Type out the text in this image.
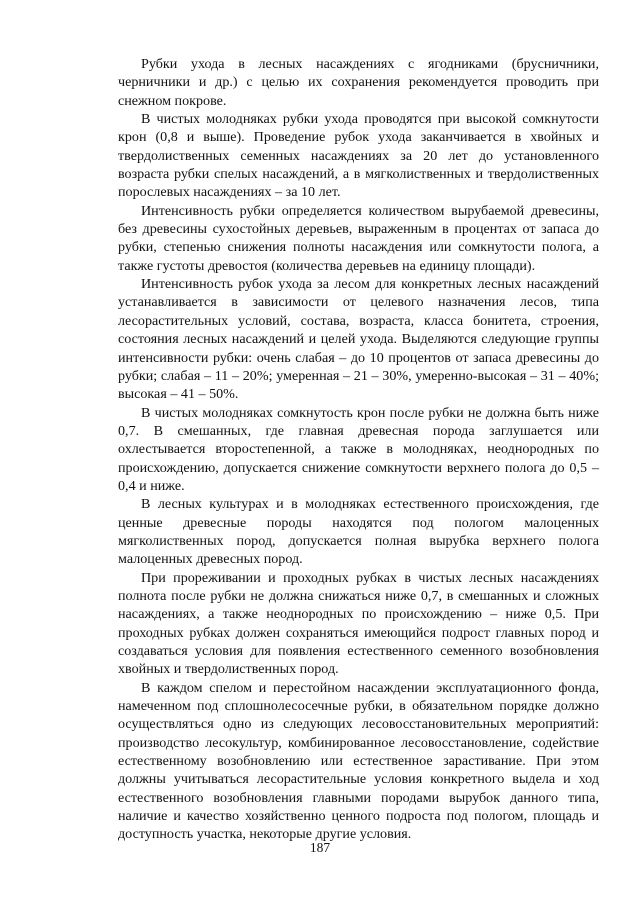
Рубки ухода в лесных насаждениях с ягодниками (брусничники, черничники и др.) с целью их сохранения рекомендуется проводить при снежном покрове.

В чистых молодняках рубки ухода проводятся при высокой сомкнутости крон (0,8 и выше). Проведение рубок ухода заканчивается в хвойных и твердолиственных семенных насаждениях за 20 лет до установленного возраста рубки спелых насаждений, а в мягколиственных и твердолиственных порослевых насаждениях – за 10 лет.

Интенсивность рубки определяется количеством вырубаемой древесины, без древесины сухостойных деревьев, выраженным в процентах от запаса до рубки, степенью снижения полноты насаждения или сомкнутости полога, а также густоты древостоя (количества деревьев на единицу площади).

Интенсивность рубок ухода за лесом для конкретных лесных насаждений устанавливается в зависимости от целевого назначения лесов, типа лесорастительных условий, состава, возраста, класса бонитета, строения, состояния лесных насаждений и целей ухода. Выделяются следующие группы интенсивности рубки: очень слабая – до 10 процентов от запаса древесины до рубки; слабая – 11 – 20%; умеренная – 21 – 30%, умеренно-высокая – 31 – 40%; высокая – 41 – 50%.

В чистых молодняках сомкнутость крон после рубки не должна быть ниже 0,7. В смешанных, где главная древесная порода заглушается или охлестывается второстепенной, а также в молодняках, неоднородных по происхождению, допускается снижение сомкнутости верхнего полога до 0,5 – 0,4 и ниже.

В лесных культурах и в молодняках естественного происхождения, где ценные древесные породы находятся под пологом малоценных мягколиственных пород, допускается полная вырубка верхнего полога малоценных древесных пород.

При прореживании и проходных рубках в чистых лесных насаждениях полнота после рубки не должна снижаться ниже 0,7, в смешанных и сложных насаждениях, а также неоднородных по происхождению – ниже 0,5. При проходных рубках должен сохраняться имеющийся подрост главных пород и создаваться условия для появления естественного семенного возобновления хвойных и твердолиственных пород.

В каждом спелом и перестойном насаждении эксплуатационного фонда, намеченном под сплошнолесосечные рубки, в обязательном порядке должно осуществляться одно из следующих лесовосстановительных мероприятий: производство лесокультур, комбинированное лесовосстановление, содействие естественному возобновлению или естественное зарастивание. При этом должны учитываться лесорастительные условия конкретного выдела и ход естественного возобновления главными породами вырубок данного типа, наличие и качество хозяйственно ценного подроста под пологом, площадь и доступность участка, некоторые другие условия.

187
